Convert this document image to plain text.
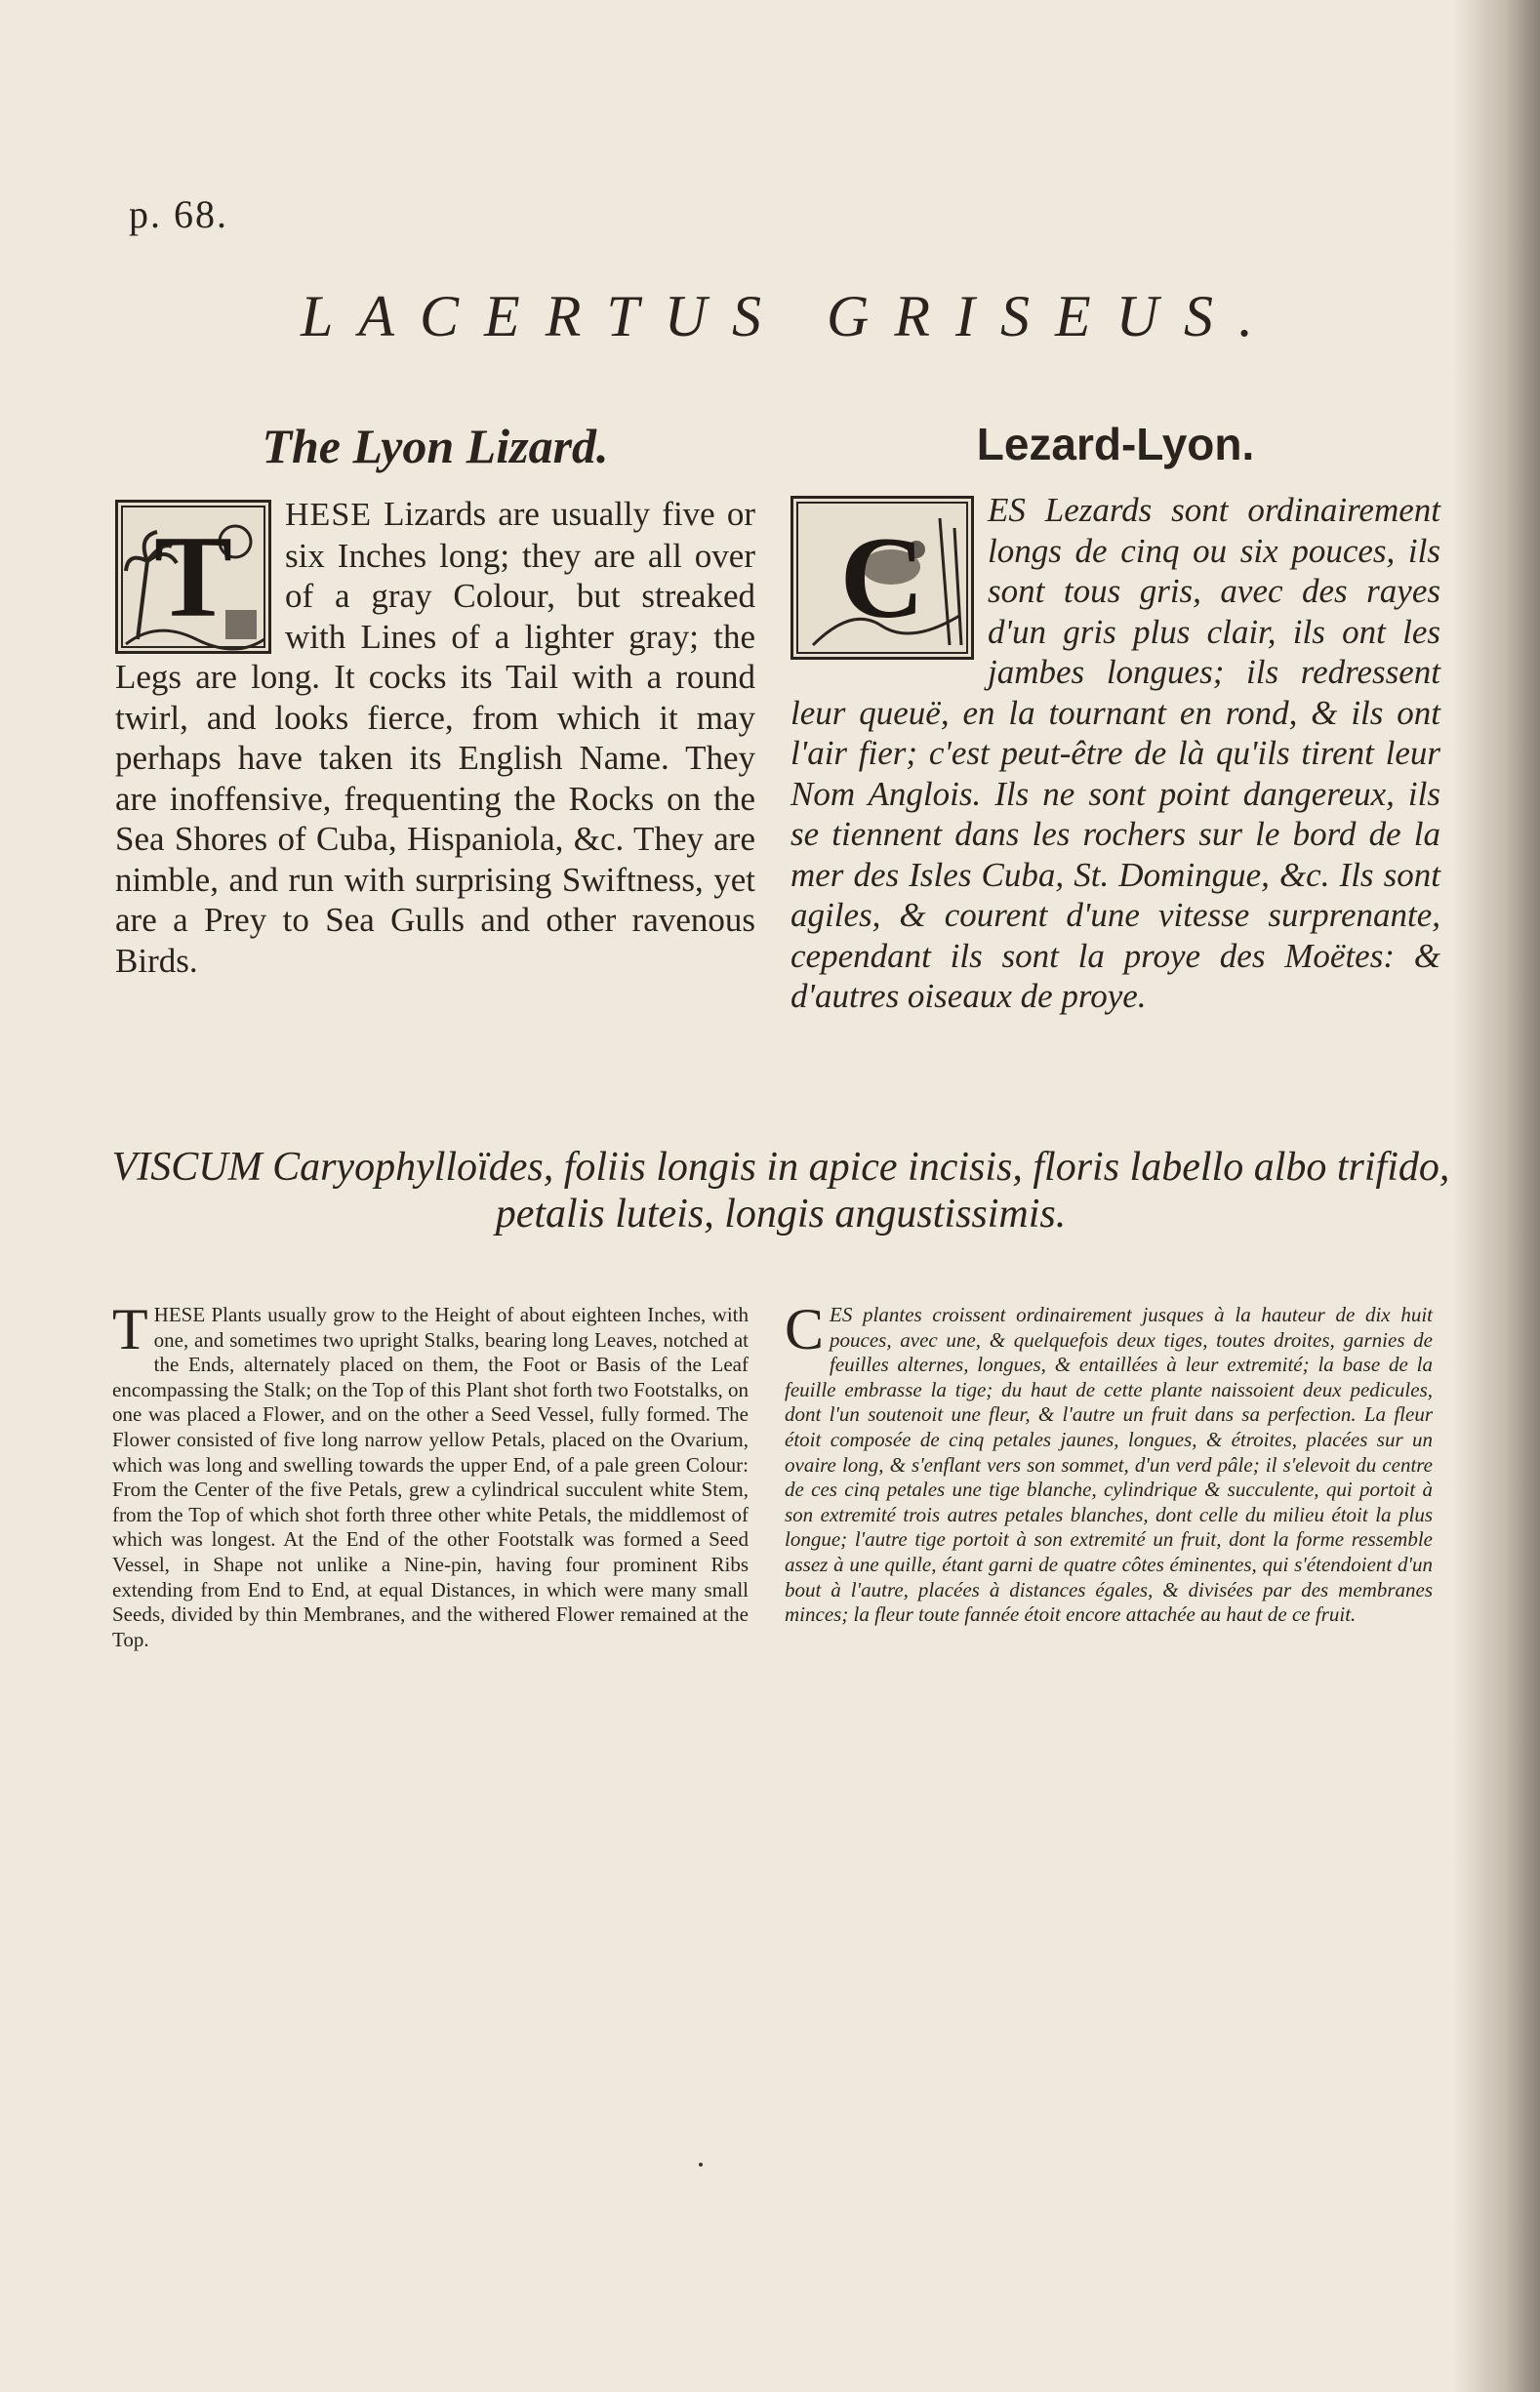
p. 68.
LACERTUS GRISEUS.
The Lyon Lizard.

T HESE Lizards are usually five or six Inches long; they are all over of a gray Colour, but streaked with Lines of a lighter gray; the Legs are long. It cocks its Tail with a round twirl, and looks fierce, from which it may perhaps have taken its English Name. They are inoffensive, frequenting the Rocks on the Sea Shores of Cuba, Hispaniola, &c. They are nimble, and run with surprising Swiftness, yet are a Prey to Sea Gulls and other ravenous Birds.

Lezard-Lyon.

C
ES Lezards sont ordinairement longs de cinq ou six pouces, ils sont tous gris, avec des rayes d'un gris plus clair, ils ont les jambes longues; ils redressent leur queuë, en la tournant en rond, & ils ont l'air fier; c'est peut-être de là qu'ils tirent leur Nom Anglois. Ils ne sont point dangereux, ils se tiennent dans les rochers sur le bord de la mer des Isles Cuba, St. Domingue, &c. Ils sont agiles, & courent d'une vitesse surprenante, cependant ils sont la proye des Moëtes: & d'autres oiseaux de proye.

VISCUM Caryophylloïdes, foliis longis in apice incisis, floris labello albo trifido,
petalis luteis, longis angustissimis.
THESE Plants usually grow to the Height of about eighteen Inches, with one, and sometimes two upright Stalks, bearing long Leaves, notched at the Ends, alternately placed on them, the Foot or Basis of the Leaf encompassing the Stalk; on the Top of this Plant shot forth two Footstalks, on one was placed a Flower, and on the other a Seed Vessel, fully formed. The Flower consisted of five long narrow yellow Petals, placed on the Ovarium, which was long and swelling towards the upper End, of a pale green Colour: From the Center of the five Petals, grew a cylindrical succulent white Stem, from the Top of which shot forth three other white Petals, the middlemost of which was longest. At the End of the other Footstalk was formed a Seed Vessel, in Shape not unlike a Nine-pin, having four prominent Ribs extending from End to End, at equal Distances, in which were many small Seeds, divided by thin Membranes, and the withered Flower remained at the Top.
CES plantes croissent ordinairement jusques à la hauteur de dix huit pouces, avec une, & quelquefois deux tiges, toutes droites, garnies de feuilles alternes, longues, & entaillées à leur extremité; la base de la feuille embrasse la tige; du haut de cette plante naissoient deux pedicules, dont l'un soutenoit une fleur, & l'autre un fruit dans sa perfection. La fleur étoit composée de cinq petales jaunes, longues, & étroites, placées sur un ovaire long, & s'enflant vers son sommet, d'un verd pâle; il s'elevoit du centre de ces cinq petales une tige blanche, cylindrique & succulente, qui portoit à son extremité trois autres petales blanches, dont celle du milieu étoit la plus longue; l'autre tige portoit à son extremité un fruit, dont la forme ressemble assez à une quille, étant garni de quatre côtes éminentes, qui s'étendoient d'un bout à l'autre, placées à distances égales, & divisées par des membranes minces; la fleur toute fannée étoit encore attachée au haut de ce fruit.
